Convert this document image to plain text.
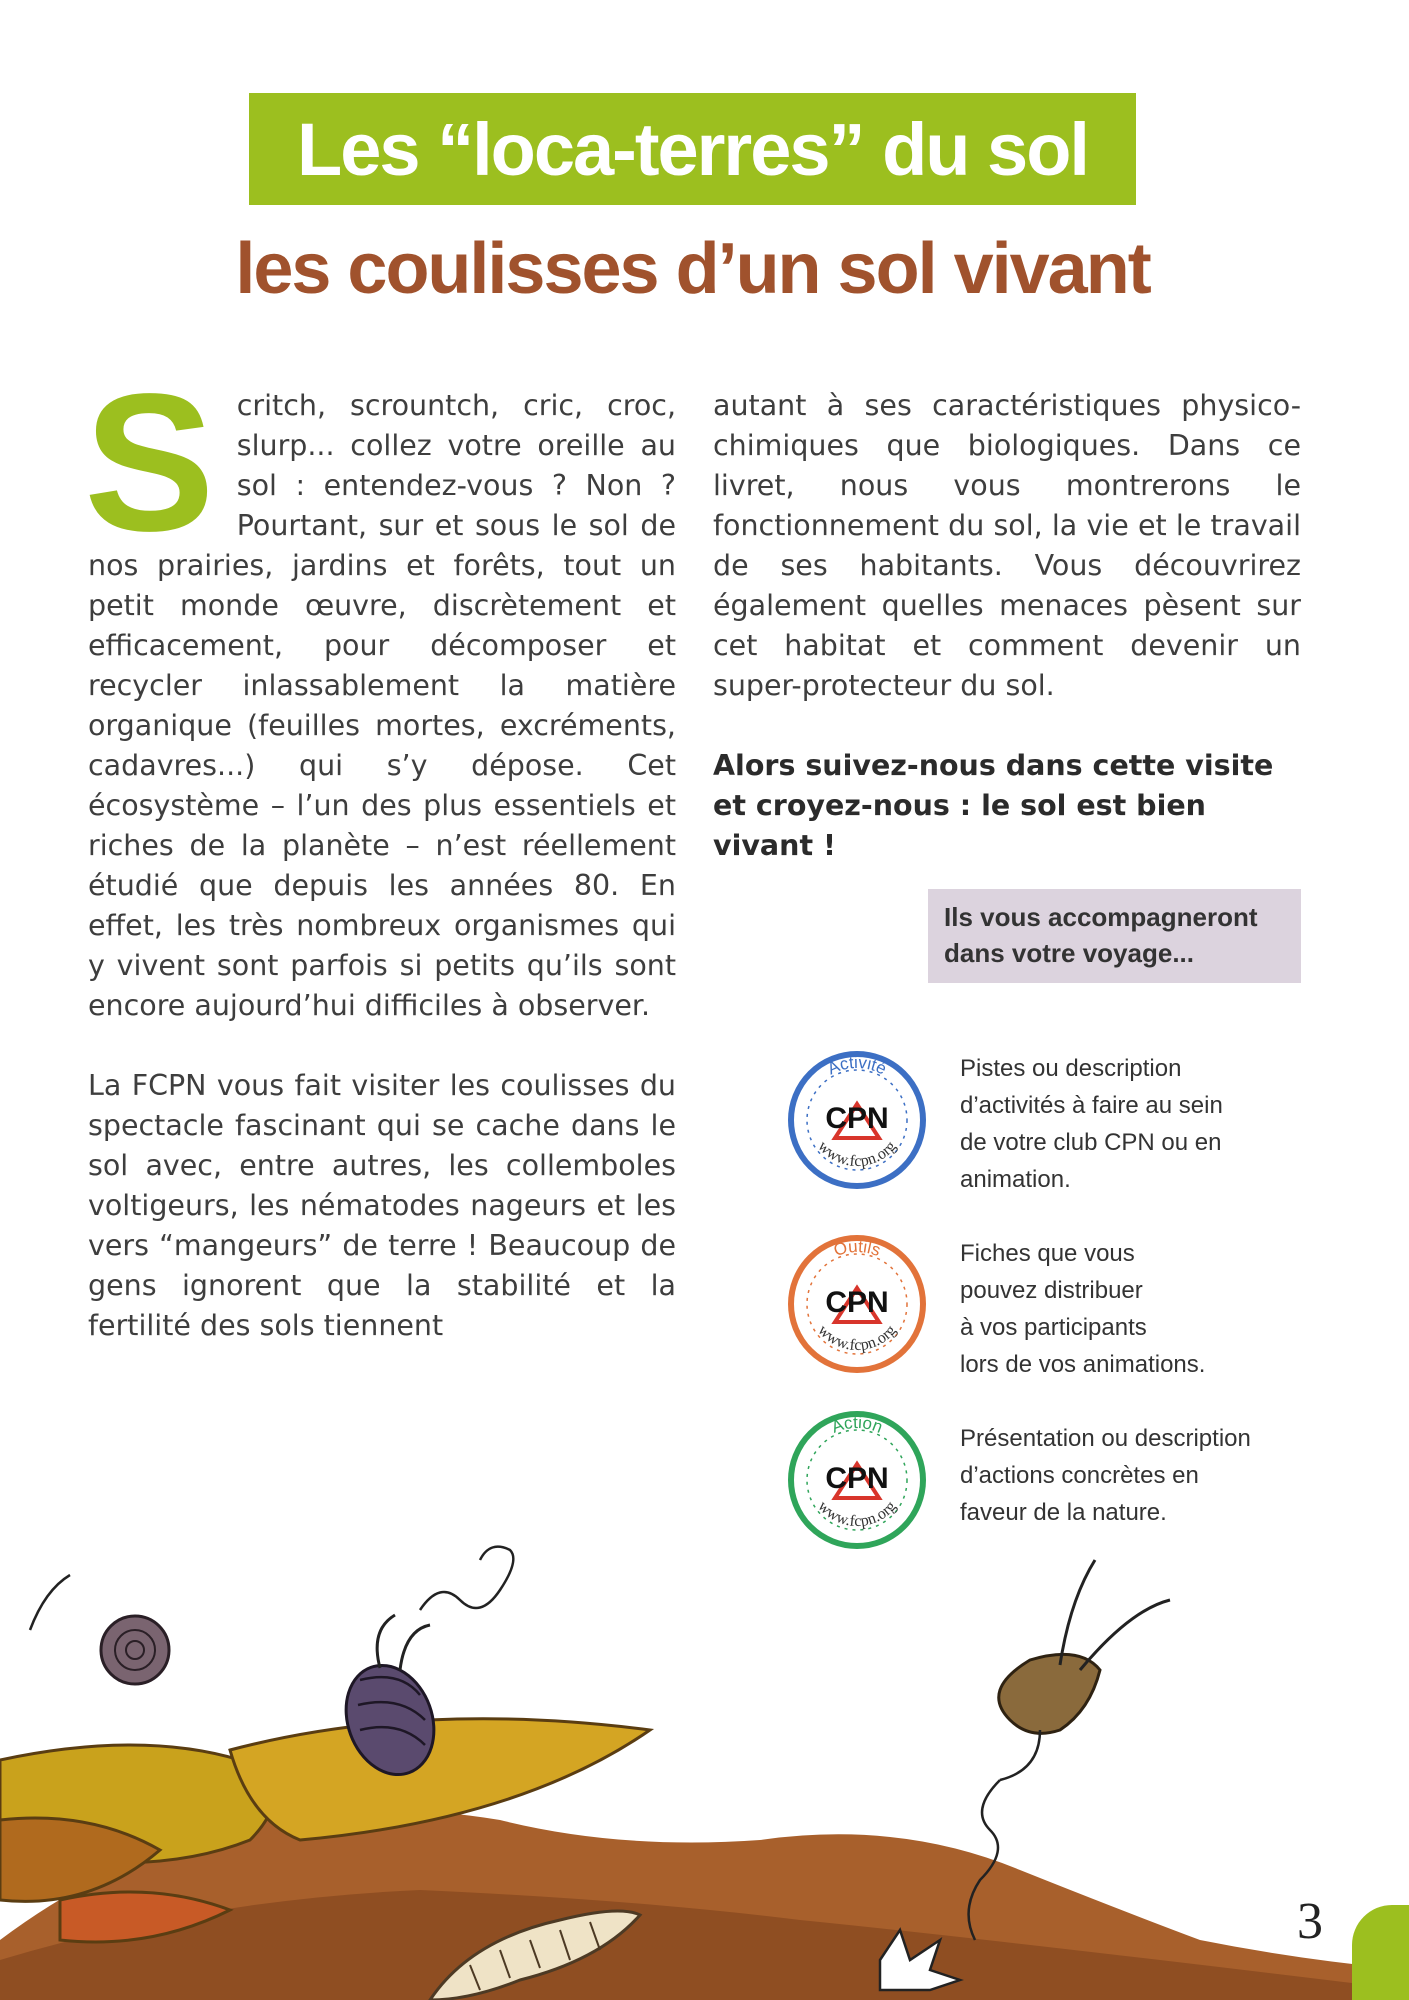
Les “loca-terres” du sol
les coulisses d’un sol vivant

Scritch, scrountch, cric, croc, slurp... collez votre oreille au sol : entendez-vous ? Non ? Pourtant, sur et sous le sol de nos prairies, jardins et forêts, tout un petit monde œuvre, discrètement et efficacement, pour décomposer et recycler inlassablement la matière organique (feuilles mortes, excréments, cadavres...) qui s’y dépose. Cet écosystème – l’un des plus essentiels et riches de la planète – n’est réellement étudié que depuis les années 80. En effet, les très nombreux organismes qui y vivent sont parfois si petits qu’ils sont encore aujourd’hui difficiles à observer.

La FCPN vous fait visiter les coulisses du spectacle fascinant qui se cache dans le sol avec, entre autres, les collemboles voltigeurs, les nématodes nageurs et les vers “mangeurs” de terre ! Beaucoup de gens ignorent que la stabilité et la fertilité des sols tiennent

autant à ses caractéristiques physico-chimiques que biologiques. Dans ce livret, nous vous montrerons le fonctionnement du sol, la vie et le travail de ses habitants. Vous découvrirez également quelles menaces pèsent sur cet habitat et comment devenir un super-protecteur du sol.

Alors suivez-nous dans cette visite et croyez-nous : le sol est bien vivant !

Ils vous accompagneront dans votre voyage...
Activité
www.fcpn.org
CPN
Outils
www.fcpn.org
CPN
Action
www.fcpn.org
CPN
Pistes ou description
d’activités à faire au sein
de votre club CPN ou en
animation.
Fiches que vous
pouvez distribuer
à vos participants
lors de vos animations.
Présentation ou description
d’actions concrètes en
faveur de la nature.
3
